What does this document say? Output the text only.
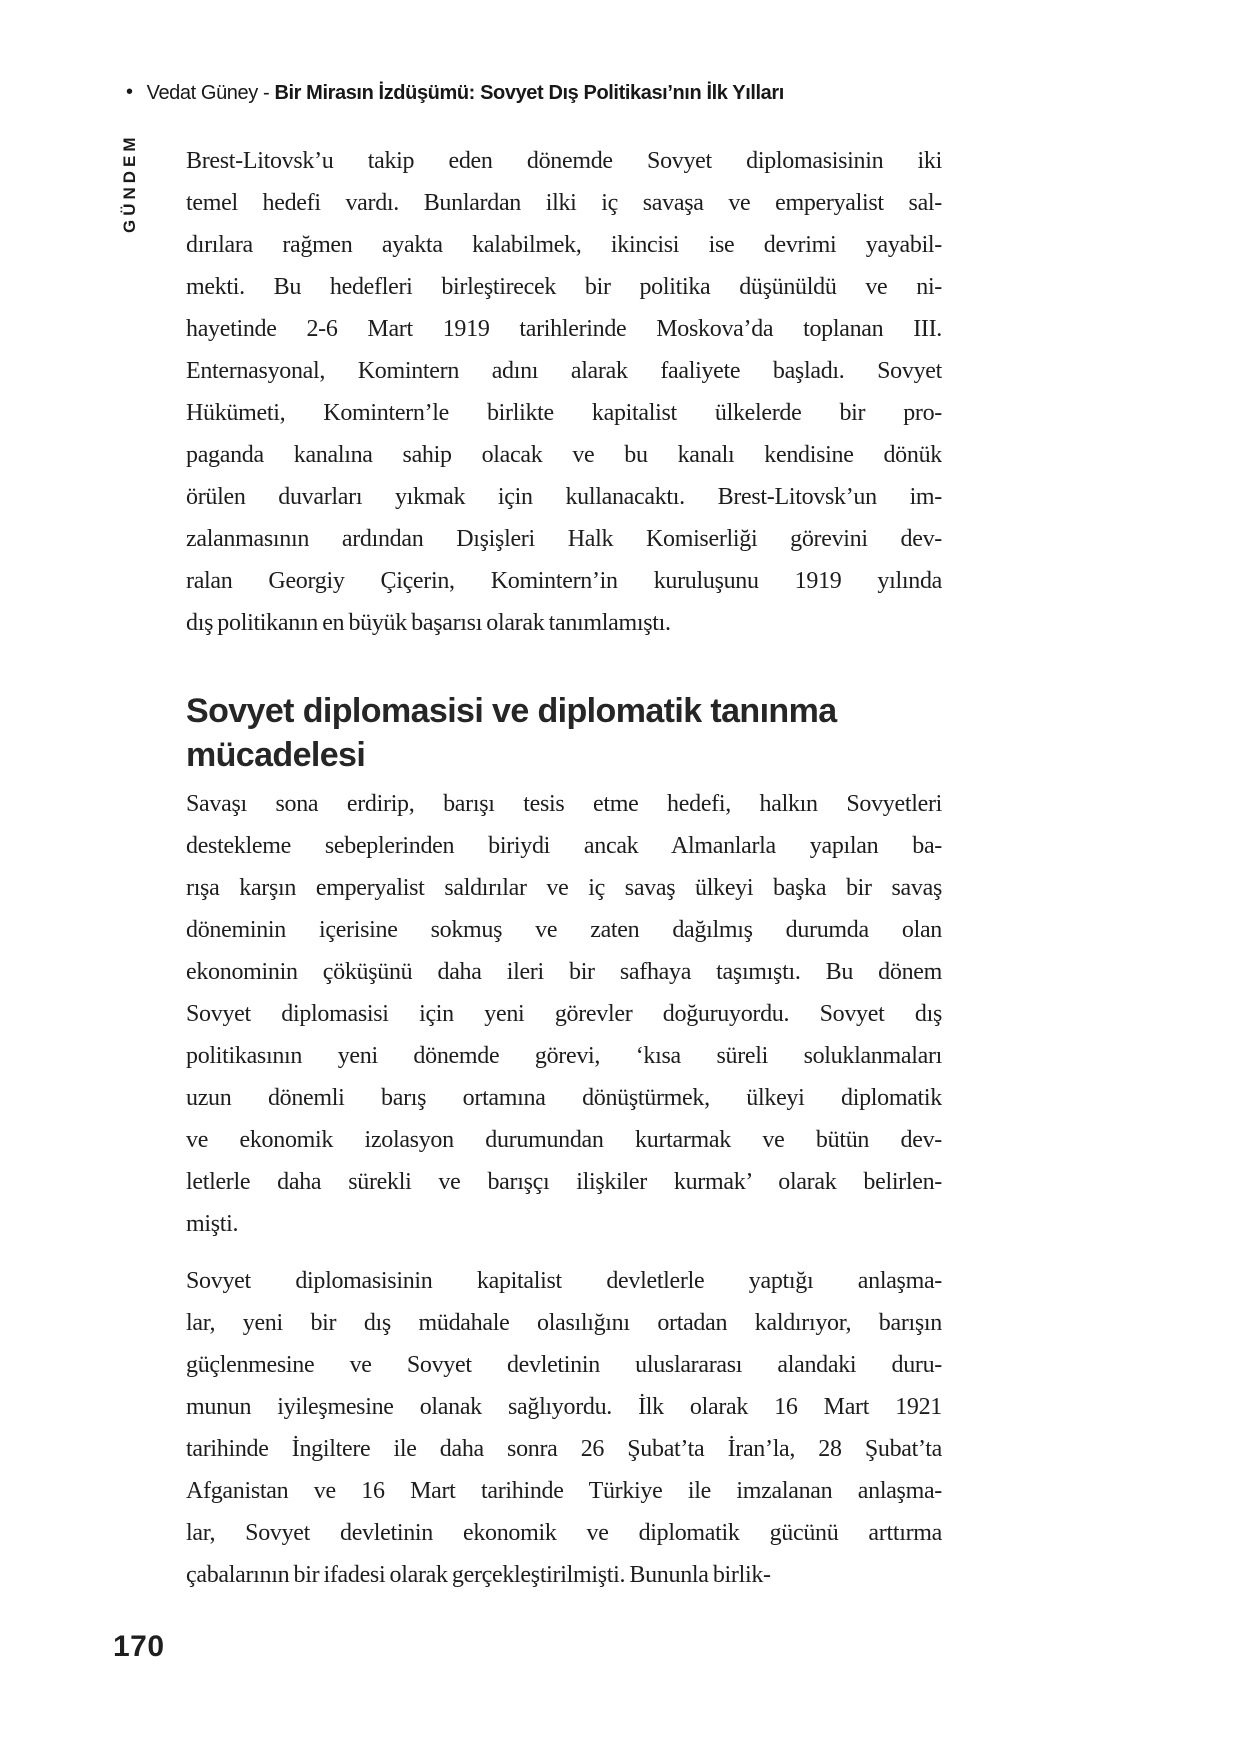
• Vedat Güney - Bir Mirasın İzdüşümü: Sovyet Dış Politikası’nın İlk Yılları
GÜNDEM Brest-Litovsk’u takip eden dönemde Sovyet diplomasisinin iki
temel hedefi vardı. Bunlardan ilki iç savaşa ve emperyalist sal-
dırılara rağmen ayakta kalabilmek, ikincisi ise devrimi yayabil-
mekti. Bu hedefleri birleştirecek bir politika düşünüldü ve ni-
hayetinde 2-6 Mart 1919 tarihlerinde Moskova’da toplanan III.
Enternasyonal, Komintern adını alarak faaliyete başladı. Sovyet
Hükümeti, Komintern’le birlikte kapitalist ülkelerde bir pro-
paganda kanalına sahip olacak ve bu kanalı kendisine dönük
örülen duvarları yıkmak için kullanacaktı. Brest-Litovsk’un im-
zalanmasının ardından Dışişleri Halk Komiserliği görevini dev-
ralan Georgiy Çiçerin, Komintern’in kuruluşunu 1919 yılında
dış politikanın en büyük başarısı olarak tanımlamıştı.
Sovyet diplomasisi ve diplomatik tanınma mücadelesi
Savaşı sona erdirip, barışı tesis etme hedefi, halkın Sovyetleri
destekleme sebeplerinden biriydi ancak Almanlarla yapılan ba-
rışa karşın emperyalist saldırılar ve iç savaş ülkeyi başka bir savaş
döneminin içerisine sokmuş ve zaten dağılmış durumda olan
ekonominin çöküşünü daha ileri bir safhaya taşımıştı. Bu dönem
Sovyet diplomasisi için yeni görevler doğuruyordu. Sovyet dış
politikasının yeni dönemde görevi, ‘kısa süreli soluklanmaları
uzun dönemli barış ortamına dönüştürmek, ülkeyi diplomatik
ve ekonomik izolasyon durumundan kurtarmak ve bütün dev-
letlerle daha sürekli ve barışçı ilişkiler kurmak’ olarak belirlen-
mişti.
Sovyet diplomasisinin kapitalist devletlerle yaptığı anlaşma-
lar, yeni bir dış müdahale olasılığını ortadan kaldırıyor, barışın
güçlenmesine ve Sovyet devletinin uluslararası alandaki duru-
munun iyileşmesine olanak sağlıyordu. İlk olarak 16 Mart 1921
tarihinde İngiltere ile daha sonra 26 Şubat’ta İran’la, 28 Şubat’ta
Afganistan ve 16 Mart tarihinde Türkiye ile imzalanan anlaşma-
lar, Sovyet devletinin ekonomik ve diplomatik gücünü arttırma
çabalarının bir ifadesi olarak gerçekleştirilmişti. Bununla birlik-
170
